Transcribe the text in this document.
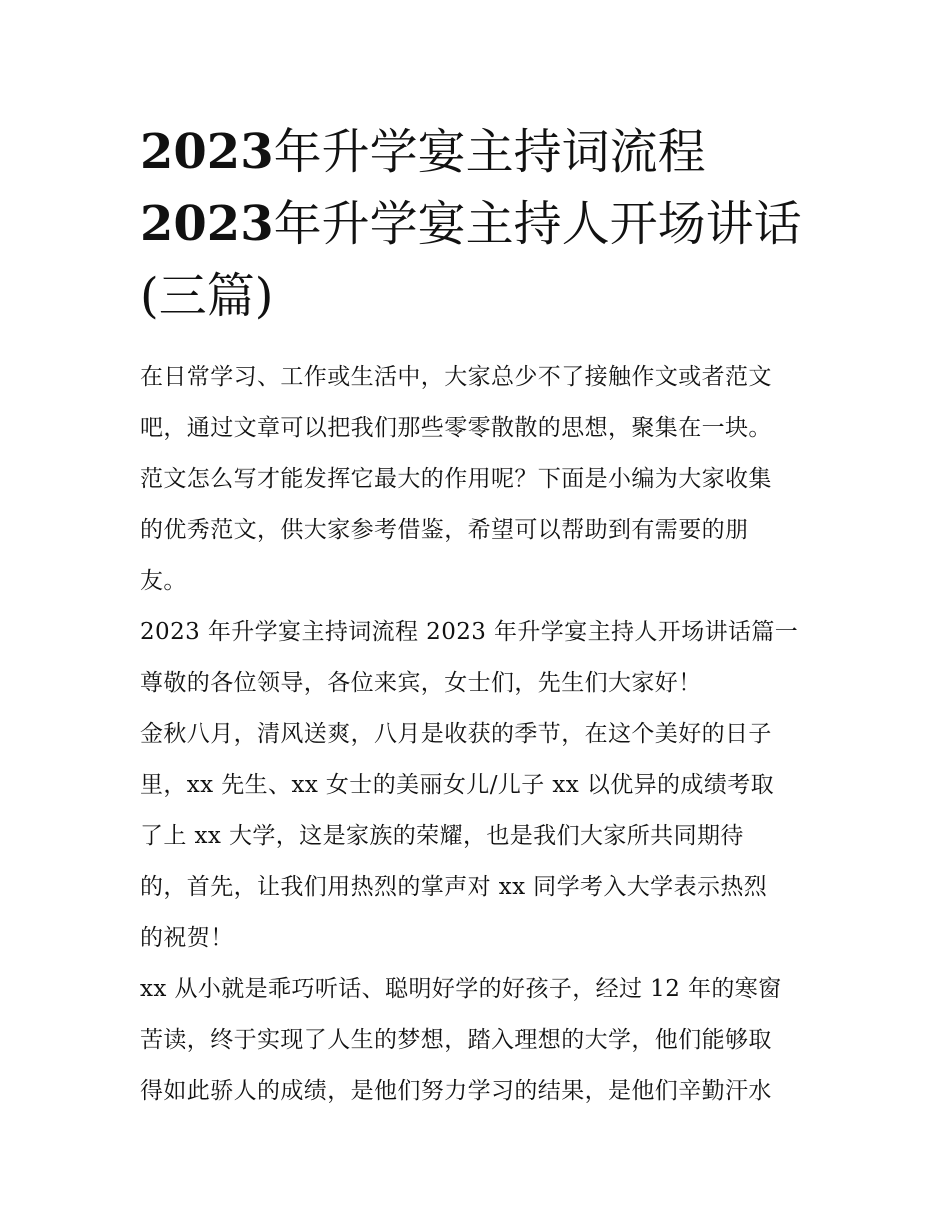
2023年升学宴主持词流程
2023年升学宴主持人开场讲话
(三篇)
在日常学习、工作或生活中，大家总少不了接触作文或者范文
吧，通过文章可以把我们那些零零散散的思想，聚集在一块。
范文怎么写才能发挥它最大的作用呢？下面是小编为大家收集
的优秀范文，供大家参考借鉴，希望可以帮助到有需要的朋
友。
2023 年升学宴主持词流程 2023 年升学宴主持人开场讲话篇一
尊敬的各位领导，各位来宾，女士们，先生们大家好！
金秋八月，清风送爽，八月是收获的季节，在这个美好的日子
里，xx 先生、xx 女士的美丽女儿/儿子 xx 以优异的成绩考取
了上 xx 大学，这是家族的荣耀，也是我们大家所共同期待
的，首先，让我们用热烈的掌声对 xx 同学考入大学表示热烈
的祝贺！
xx 从小就是乖巧听话、聪明好学的好孩子，经过 12 年的寒窗
苦读，终于实现了人生的梦想，踏入理想的大学，他们能够取
得如此骄人的成绩，是他们努力学习的结果，是他们辛勤汗水
